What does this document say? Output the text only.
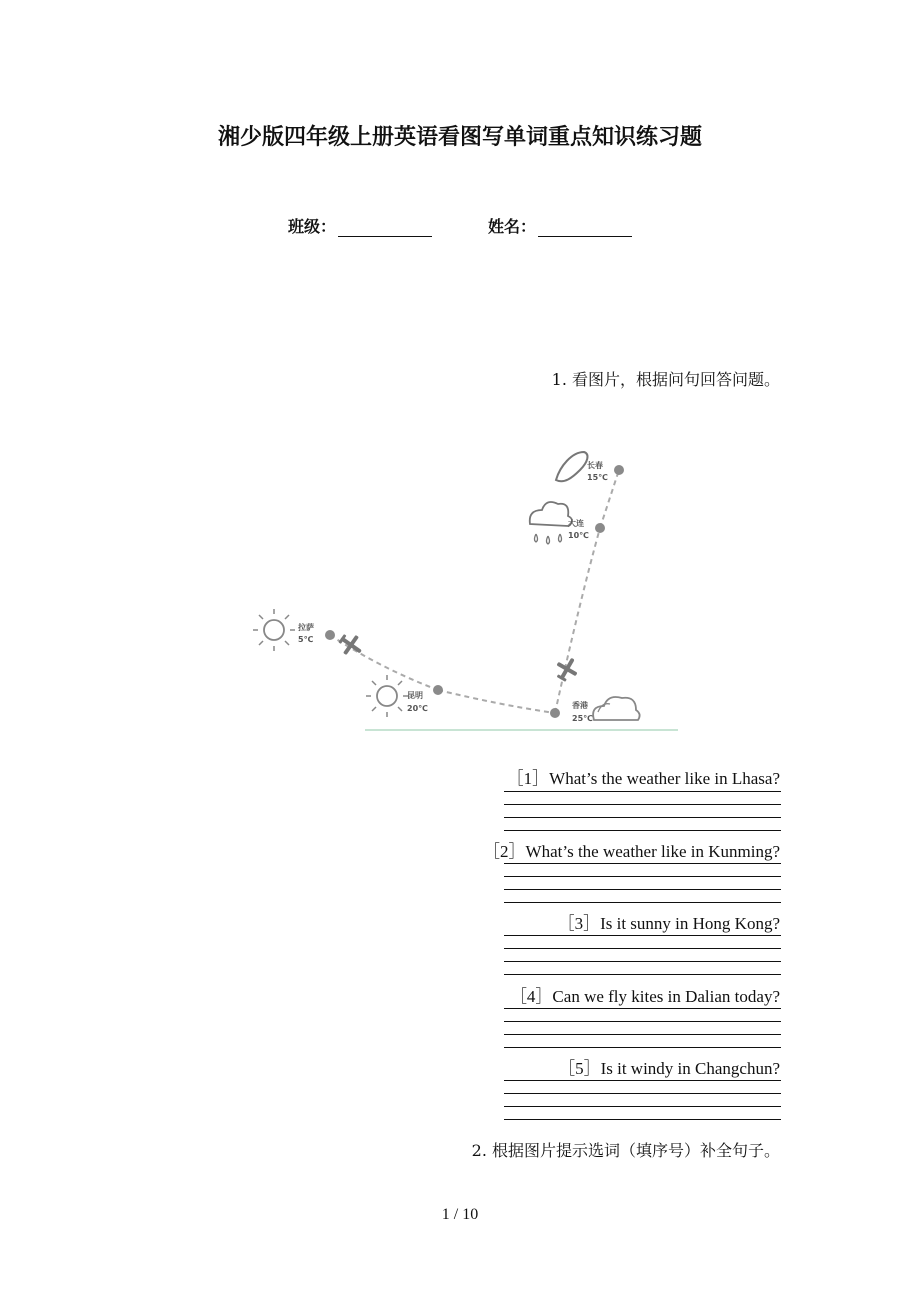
湘少版四年级上册英语看图写单词重点知识练习题
班级：	姓名：
1. 看图片，根据问句回答问题。
长春
15℃
大连
10℃
拉萨
5℃
昆明
20℃	香港
25℃
［1］What’s the weather like in Lhasa?
［2］What’s the weather like in Kunming?
［3］Is it sunny in Hong Kong?
［4］Can we fly kites in Dalian today?
［5］Is it windy in Changchun?
2. 根据图片提示选词（填序号）补全句子。
1 / 10
